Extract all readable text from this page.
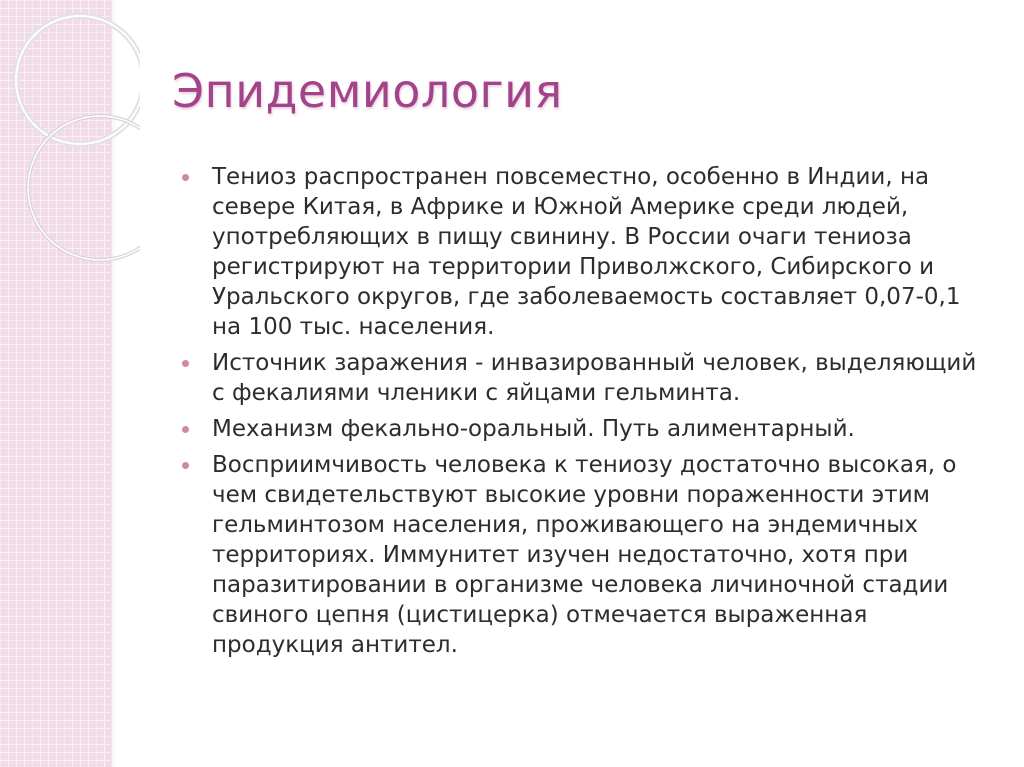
Эпидемиология
Тениоз распространен повсеместно, особенно в Индии, на севере Китая, в Африке и Южной Америке среди людей, употребляющих в пищу свинину. В России очаги тениоза регистрируют на территории Приволжского, Сибирского и Уральского округов, где заболеваемость составляет 0,07-0,1 на 100 тыс. населения.
Источник заражения - инвазированный человек, выделяющий с фекалиями членики с яйцами гельминта.
Механизм фекально-оральный. Путь алиментарный.
Восприимчивость человека к тениозу достаточно высокая, о чем свидетельствуют высокие уровни пораженности этим гельминтозом населения, проживающего на эндемичных территориях. Иммунитет изучен недостаточно, хотя при паразитировании в организме человека личиночной стадии свиного цепня (цистицерка) отмечается выраженная продукция антител.
